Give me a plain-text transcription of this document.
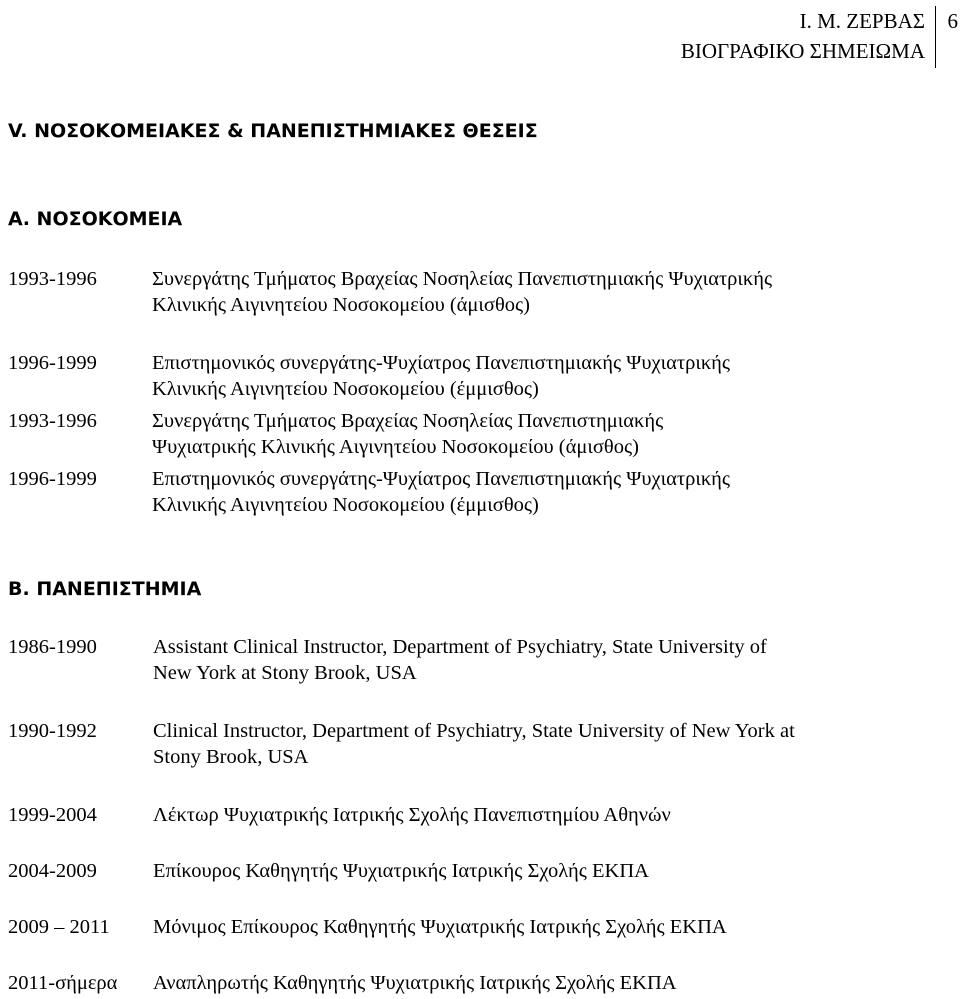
Ι. Μ. ΖΕΡΒΑΣ
ΒΙΟΓΡΑΦΙΚΟ ΣΗΜΕΙΩΜΑ
6
V. ΝΟΣΟΚΟΜΕΙΑΚΕΣ & ΠΑΝΕΠΙΣΤΗΜΙΑΚΕΣ ΘΕΣΕΙΣ
Α. ΝΟΣΟΚΟΜΕΙΑ
1993-1996	Συνεργάτης Τμήματος Βραχείας Νοσηλείας Πανεπιστημιακής Ψυχιατρικής
Κλινικής Αιγινητείου Νοσοκομείου (άμισθος)
1996-1999	Επιστημονικός συνεργάτης-Ψυχίατρος Πανεπιστημιακής Ψυχιατρικής
Κλινικής Αιγινητείου Νοσοκομείου (έμμισθος)
1993-1996	Συνεργάτης Τμήματος Βραχείας Νοσηλείας Πανεπιστημιακής
Ψυχιατρικής Κλινικής Αιγινητείου Νοσοκομείου (άμισθος)
1996-1999	Επιστημονικός συνεργάτης-Ψυχίατρος Πανεπιστημιακής Ψυχιατρικής
Κλινικής Αιγινητείου Νοσοκομείου (έμμισθος)
Β. ΠΑΝΕΠΙΣΤΗΜΙΑ
1986-1990	Assistant Clinical Instructor, Department of Psychiatry, State University of
New York at Stony Brook, USA
1990-1992	Clinical Instructor, Department of Psychiatry, State University of New York at
Stony Brook, USA
1999-2004	Λέκτωρ Ψυχιατρικής Ιατρικής Σχολής Πανεπιστημίου Αθηνών
2004-2009	Επίκουρος Καθηγητής Ψυχιατρικής Ιατρικής Σχολής ΕΚΠΑ
2009 – 2011 Μόνιμος Επίκουρος Καθηγητής Ψυχιατρικής Ιατρικής Σχολής ΕΚΠΑ
2011-σήμερα Αναπληρωτής Καθηγητής Ψυχιατρικής Ιατρικής Σχολής ΕΚΠΑ
